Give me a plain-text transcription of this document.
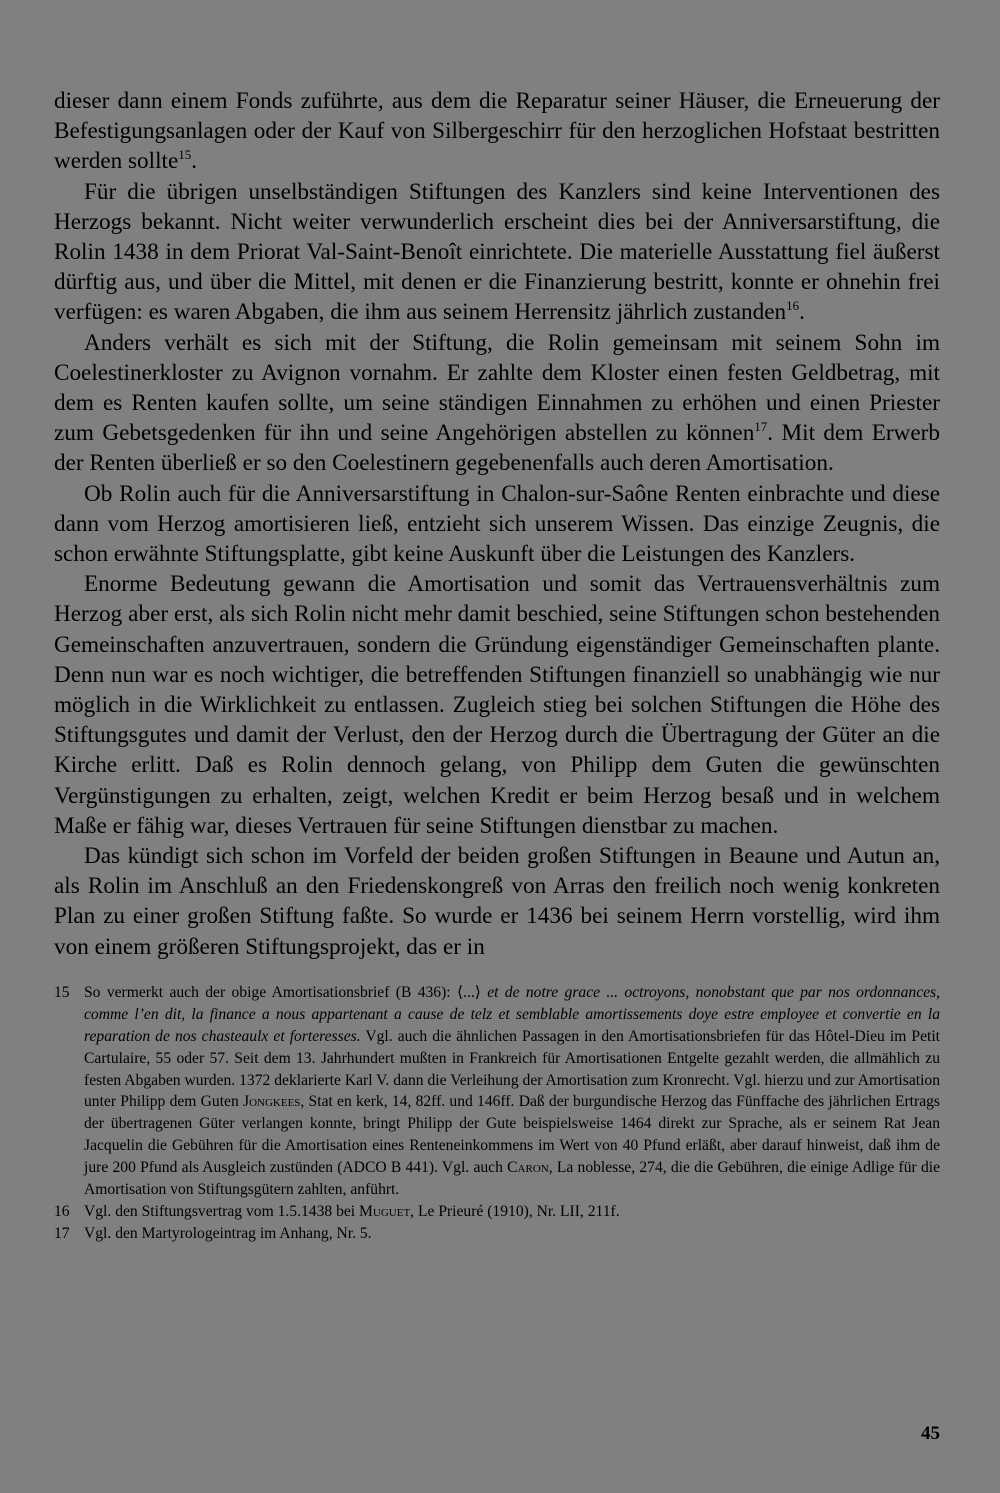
dieser dann einem Fonds zuführte, aus dem die Reparatur seiner Häuser, die Erneuerung der Befestigungsanlagen oder der Kauf von Silbergeschirr für den herzoglichen Hofstaat bestritten werden sollte$^{15}$.

Für die übrigen unselbständigen Stiftungen des Kanzlers sind keine Interventionen des Herzogs bekannt. Nicht weiter verwunderlich erscheint dies bei der Anniversarstiftung, die Rolin 1438 in dem Priorat Val-Saint-Benoît einrichtete. Die materielle Ausstattung fiel äußerst dürftig aus, und über die Mittel, mit denen er die Finanzierung bestritt, konnte er ohnehin frei verfügen: es waren Abgaben, die ihm aus seinem Herrensitz jährlich zustanden$^{16}$.

Anders verhält es sich mit der Stiftung, die Rolin gemeinsam mit seinem Sohn im Coelestinerkloster zu Avignon vornahm. Er zahlte dem Kloster einen festen Geldbetrag, mit dem es Renten kaufen sollte, um seine ständigen Einnahmen zu erhöhen und einen Priester zum Gebetsgedenken für ihn und seine Angehörigen abstellen zu können$^{17}$. Mit dem Erwerb der Renten überließ er so den Coelestinern gegebenenfalls auch deren Amortisation.

Ob Rolin auch für die Anniversarstiftung in Chalon-sur-Saône Renten einbrachte und diese dann vom Herzog amortisieren ließ, entzieht sich unserem Wissen. Das einzige Zeugnis, die schon erwähnte Stiftungsplatte, gibt keine Auskunft über die Leistungen des Kanzlers.

Enorme Bedeutung gewann die Amortisation und somit das Vertrauensverhältnis zum Herzog aber erst, als sich Rolin nicht mehr damit beschied, seine Stiftungen schon bestehenden Gemeinschaften anzuvertrauen, sondern die Gründung eigenständiger Gemeinschaften plante. Denn nun war es noch wichtiger, die betreffenden Stiftungen finanziell so unabhängig wie nur möglich in die Wirklichkeit zu entlassen. Zugleich stieg bei solchen Stiftungen die Höhe des Stiftungsgutes und damit der Verlust, den der Herzog durch die Übertragung der Güter an die Kirche erlitt. Daß es Rolin dennoch gelang, von Philipp dem Guten die gewünschten Vergünstigungen zu erhalten, zeigt, welchen Kredit er beim Herzog besaß und in welchem Maße er fähig war, dieses Vertrauen für seine Stiftungen dienstbar zu machen.

Das kündigt sich schon im Vorfeld der beiden großen Stiftungen in Beaune und Autun an, als Rolin im Anschluß an den Friedenskongreß von Arras den freilich noch wenig konkreten Plan zu einer großen Stiftung faßte. So wurde er 1436 bei seinem Herrn vorstellig, wird ihm von einem größeren Stiftungsprojekt, das er in

15 So vermerkt auch der obige Amortisationsbrief (B 436): ⟨...⟩ et de notre grace ... octroyons, nonobstant que par nos ordonnances, comme l’en dit, la finance a nous appartenant a cause de telz et semblable amortissements doye estre employee et convertie en la reparation de nos chasteaulx et forteresses. Vgl. auch die ähnlichen Passagen in den Amortisationsbriefen für das Hôtel-Dieu im Petit Cartulaire, 55 oder 57. Seit dem 13. Jahrhundert mußten in Frankreich für Amortisationen Entgelte gezahlt werden, die allmählich zu festen Abgaben wurden. 1372 deklarierte Karl V. dann die Verleihung der Amortisation zum Kronrecht. Vgl. hierzu und zur Amortisation unter Philipp dem Guten Jongkees, Stat en kerk, 14, 82ff. und 146ff. Daß der burgundische Herzog das Fünffache des jährlichen Ertrags der übertragenen Güter verlangen konnte, bringt Philipp der Gute beispielsweise 1464 direkt zur Sprache, als er seinem Rat Jean Jacquelin die Gebühren für die Amortisation eines Renteneinkommens im Wert von 40 Pfund erläßt, aber darauf hinweist, daß ihm de jure 200 Pfund als Ausgleich zustünden (ADCO B 441). Vgl. auch Caron, La noblesse, 274, die die Gebühren, die einige Adlige für die Amortisation von Stiftungsgütern zahlten, anführt.
16 Vgl. den Stiftungsvertrag vom 1.5.1438 bei Muguet, Le Prieuré (1910), Nr. LII, 211f.
17 Vgl. den Martyrologeintrag im Anhang, Nr. 5.
45
